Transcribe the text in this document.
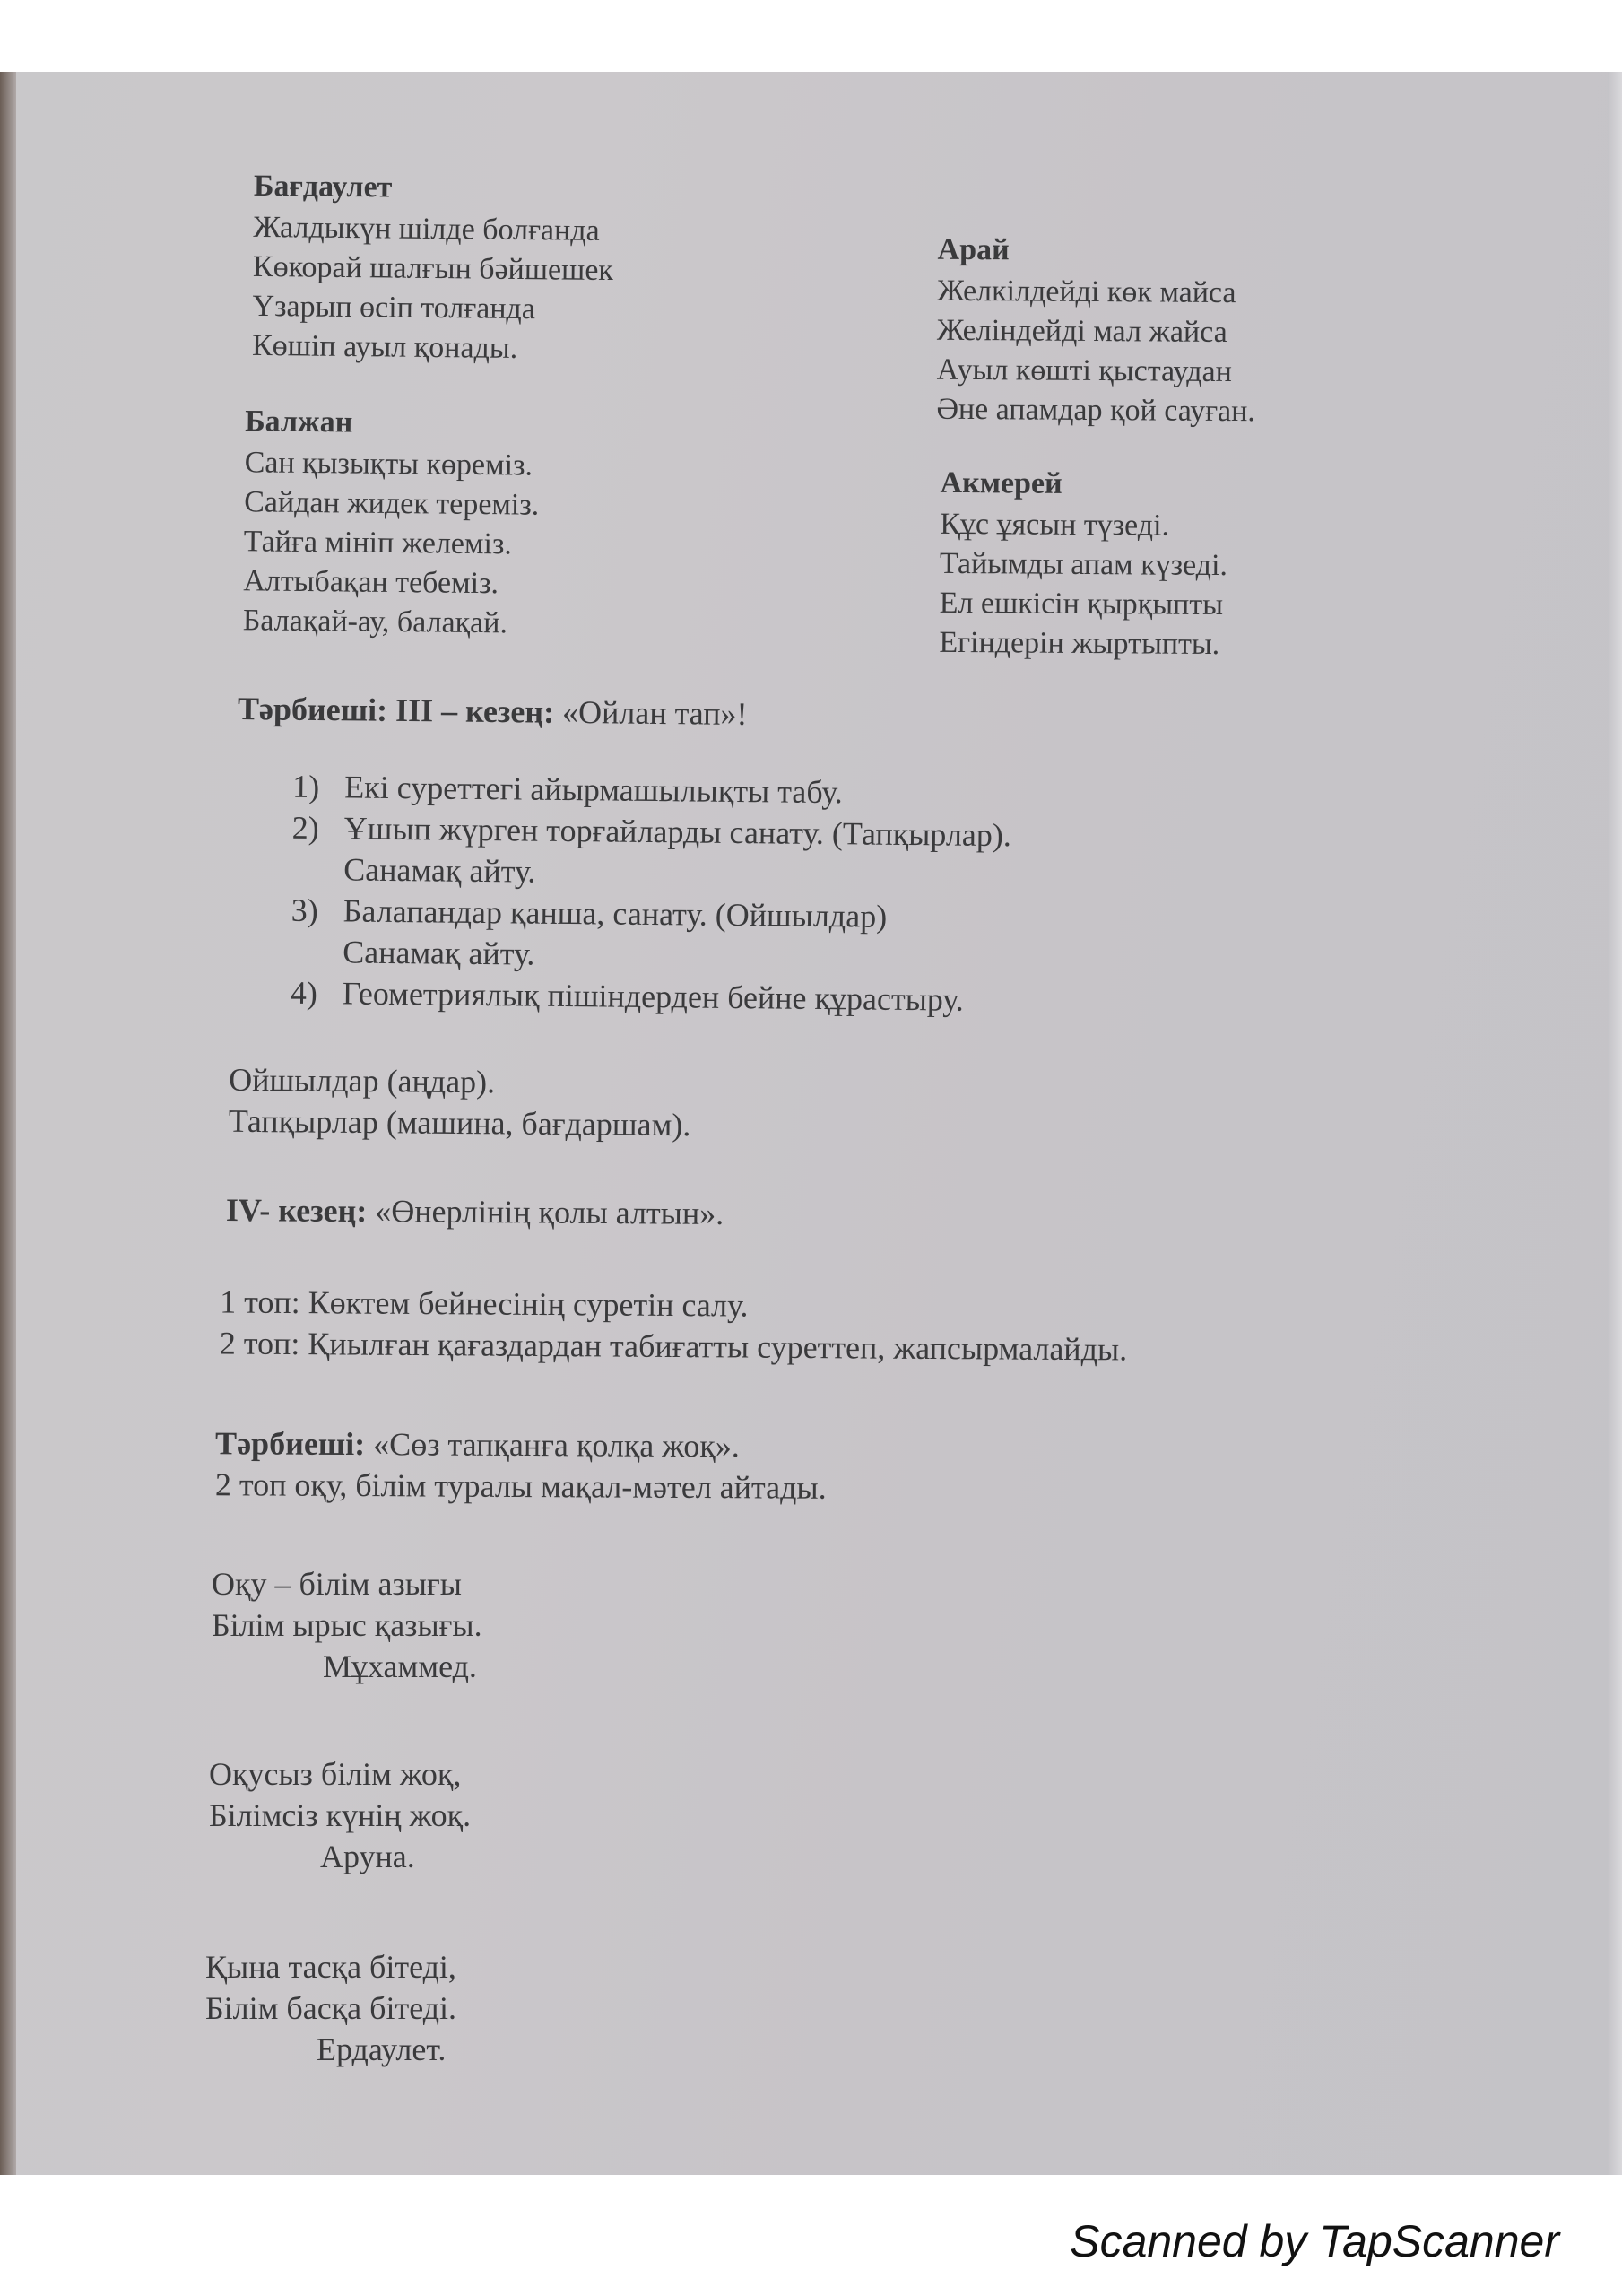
Бағдаулет
Жалдыкүн шілде болғанда
Көкорай шалғын бәйшешек
Үзарып өсіп толғанда
Көшіп ауыл қонады.
Балжан
Сан қызықты көреміз.
Сайдан жидек тереміз.
Тайға мініп желеміз.
Алтыбақан тебеміз.
Балақай-ау, балақай.
Арай
Желкілдейді көк майса
Желіндейді мал жайса
Ауыл көшті қыстаудан
Әне апамдар қой сауған.
Акмерей
Құс ұясын түзеді.
Тайымды апам күзеді.
Ел ешкісін қырқыпты
Егіндерін жыртыпты.
Тәрбиеші: III – кезең: «Ойлан тап»!
1) Екі суреттегі айырмашылықты табу.
2) Ұшып жүрген торғайларды санату. (Тапқырлар).
Санамақ айту.
3) Балапандар қанша, санату. (Ойшылдар)
Санамақ айту.
4) Геометриялық пішіндерден бейне құрастыру.
Ойшылдар (аңдар).
Тапқырлар (машина, бағдаршам).
IV- кезең: «Өнерлінің қолы алтын».
1 топ: Көктем бейнесінің суретін салу.
2 топ: Қиылған қағаздардан табиғатты суреттеп, жапсырмалайды.
Тәрбиеші: «Сөз тапқанға қолқа жоқ».
2 топ оқу, білім туралы мақал-мәтел айтады.
Оқу – білім азығы
Білім ырыс қазығы.
Мұхаммед.
Оқусыз білім жоқ,
Білімсіз күнің жоқ.
Аруна.
Қына тасқа бітеді,
Білім басқа бітеді.
Ердаулет.
Scanned by TapScanner
